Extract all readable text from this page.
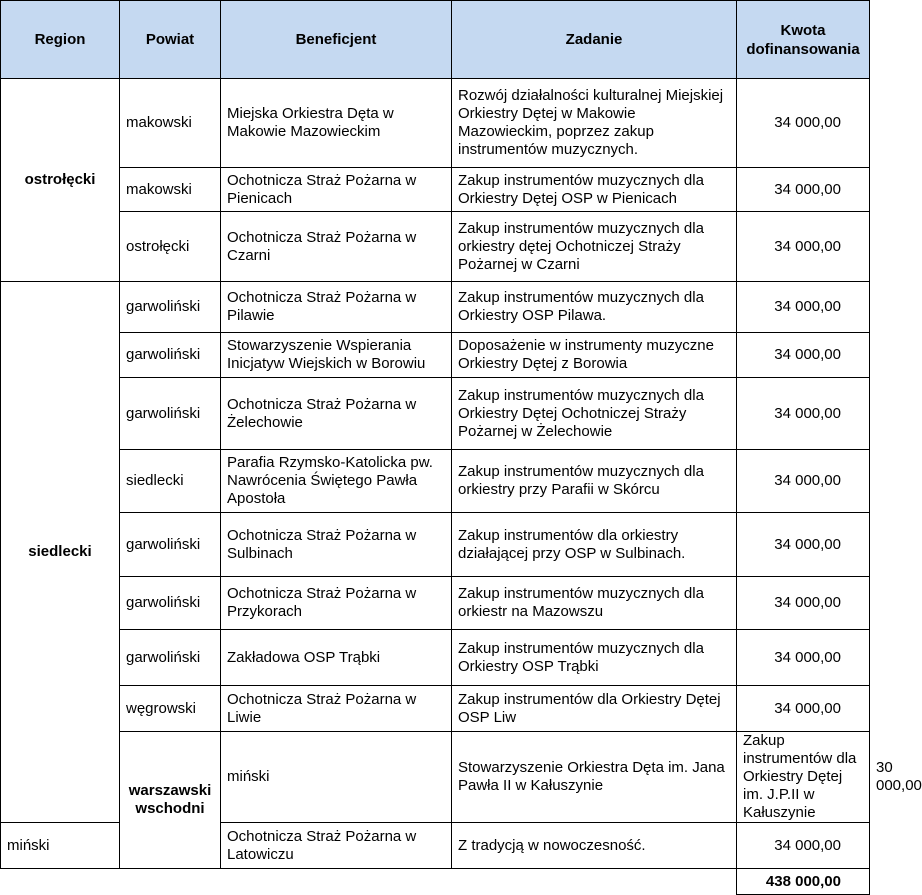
Region	Powiat	Beneficjent	Zadanie	Kwota dofinansowania	
ostrołęcki	makowski	Miejska Orkiestra Dęta w Makowie Mazowieckim	Rozwój działalności kulturalnej Miejskiej Orkiestry Dętej w Makowie Mazowieckim, poprzez zakup instrumentów muzycznych.	34 000,00	
	makowski	Ochotnicza Straż Pożarna w Pienicach	Zakup instrumentów muzycznych dla Orkiestry Dętej OSP w Pienicach	34 000,00	
	ostrołęcki	Ochotnicza Straż Pożarna w Czarni	Zakup instrumentów muzycznych dla orkiestry dętej Ochotniczej Straży Pożarnej w Czarni	34 000,00	
siedlecki	garwoliński	Ochotnicza Straż Pożarna w Pilawie	Zakup instrumentów muzycznych dla Orkiestry OSP Pilawa.	34 000,00	
	garwoliński	Stowarzyszenie Wspierania Inicjatyw Wiejskich w Borowiu	Doposażenie w instrumenty muzyczne Orkiestry Dętej z Borowia	34 000,00	
	garwoliński	Ochotnicza Straż Pożarna w Żelechowie	Zakup instrumentów muzycznych dla Orkiestry Dętej Ochotniczej Straży Pożarnej w Żelechowie	34 000,00	
	siedlecki	Parafia Rzymsko-Katolicka pw. Nawrócenia Świętego Pawła Apostoła	Zakup instrumentów muzycznych dla orkiestry przy Parafii w Skórcu	34 000,00	
	garwoliński	Ochotnicza Straż Pożarna w Sulbinach	Zakup instrumentów dla orkiestry działającej przy OSP w Sulbinach.	34 000,00	
	garwoliński	Ochotnicza Straż Pożarna w Przykorach	Zakup instrumentów muzycznych dla orkiestr na Mazowszu	34 000,00	
	garwoliński	Zakładowa OSP Trąbki	Zakup instrumentów muzycznych dla Orkiestry OSP Trąbki	34 000,00	
	węgrowski	Ochotnicza Straż Pożarna w Liwie	Zakup instrumentów dla Orkiestry Dętej OSP Liw	34 000,00	
	warszawski wschodni	miński	Stowarzyszenie Orkiestra Dęta im. Jana Pawła II w Kałuszynie	Zakup instrumentów dla Orkiestry Dętej im. J.P.II w Kałuszynie	30 000,00
miński		Ochotnicza Straż Pożarna w Latowiczu	Z tradycją w nowoczesność.	34 000,00	
				438 000,00	
